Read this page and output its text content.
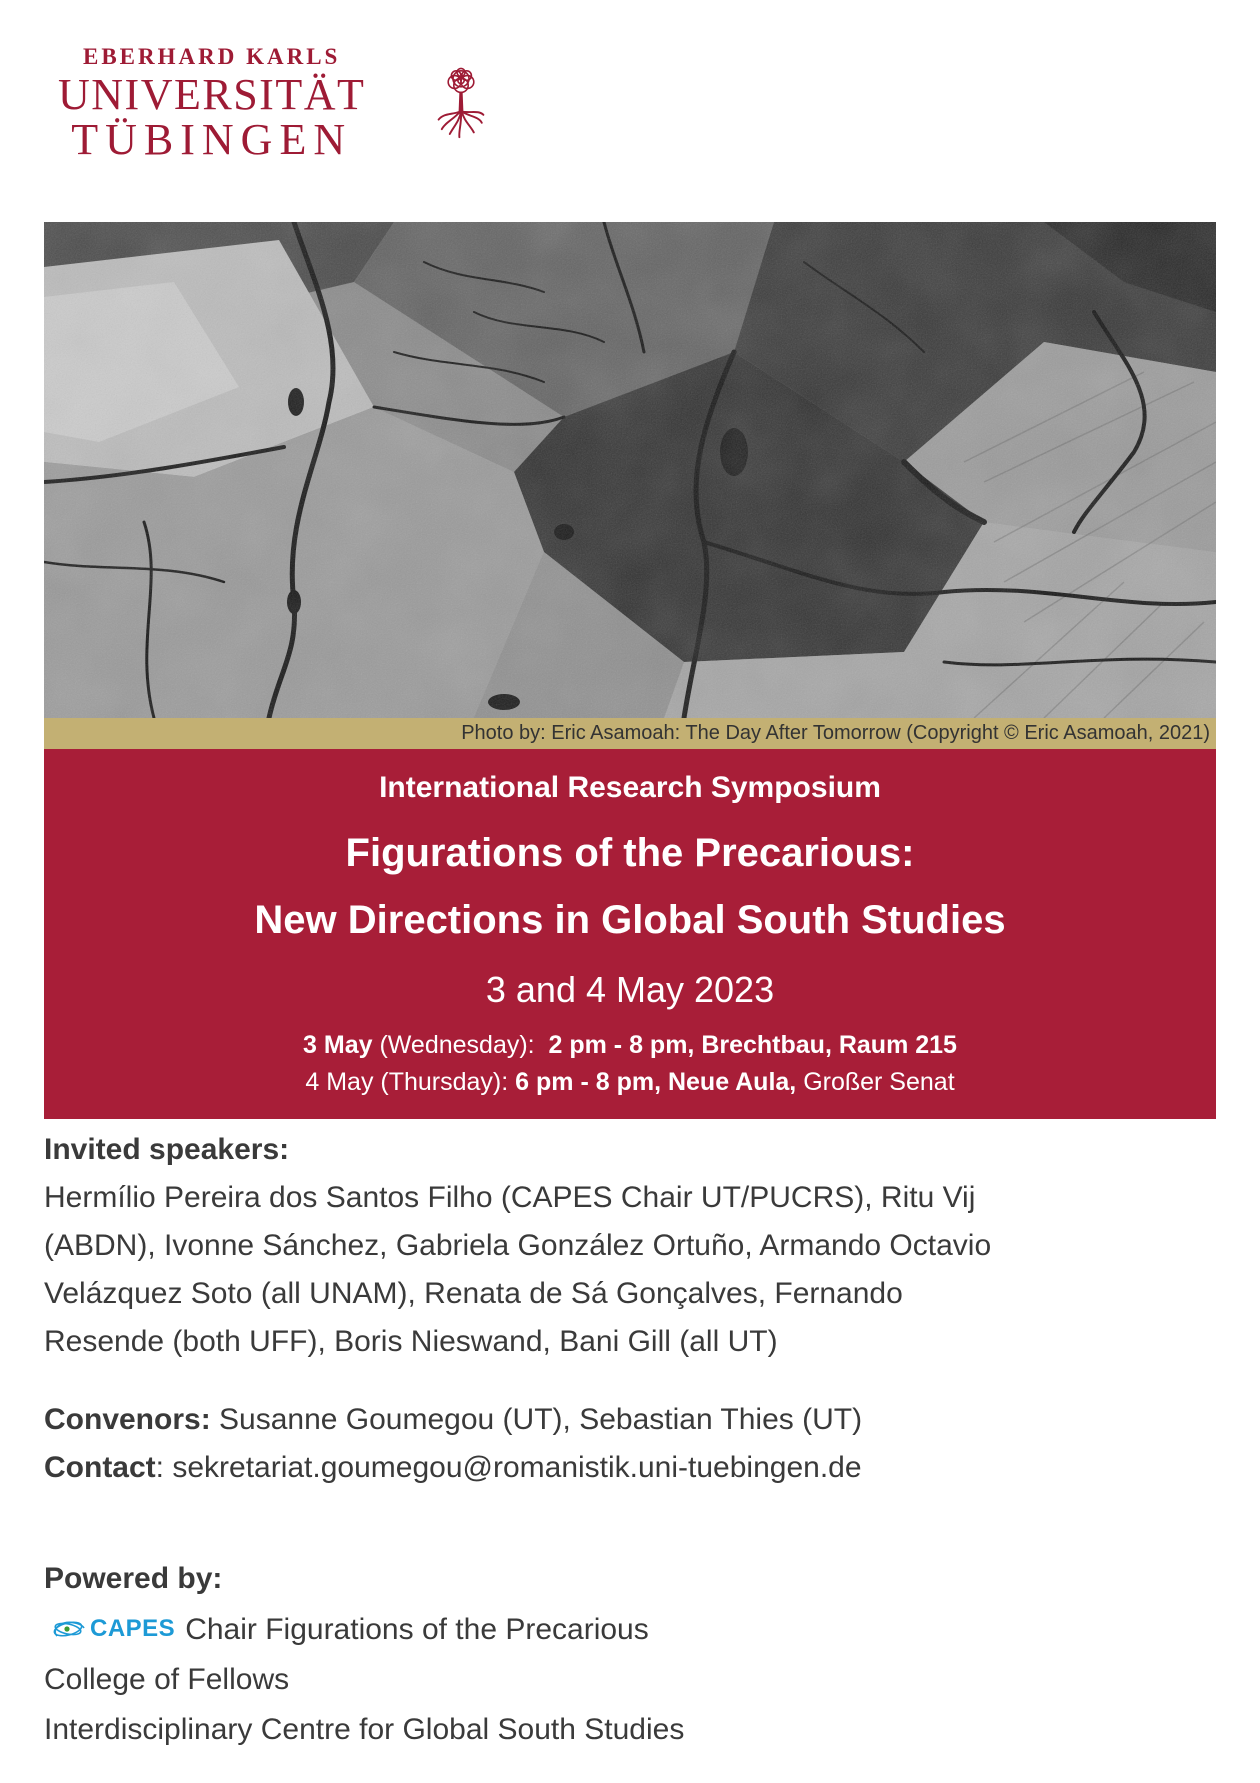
EBERHARD KARLS
UNIVERSITÄT
TÜBINGEN
Photo by: Eric Asamoah: The Day After Tomorrow (Copyright © Eric Asamoah, 2021)
International Research Symposium
Figurations of the Precarious:
New Directions in Global South Studies
3 and 4 May 2023
3 May (Wednesday):  2 pm - 8 pm, Brechtbau, Raum 215
4 May (Thursday): 6 pm - 8 pm, Neue Aula, Großer Senat
Invited speakers:
Hermílio Pereira dos Santos Filho (CAPES Chair UT/PUCRS), Ritu Vij
(ABDN), Ivonne Sánchez, Gabriela González Ortuño, Armando Octavio
Velázquez Soto (all UNAM), Renata de Sá Gonçalves, Fernando
Resende (both UFF), Boris Nieswand, Bani Gill (all UT)
Convenors: Susanne Goumegou (UT), Sebastian Thies (UT)
Contact: sekretariat.goumegou@romanistik.uni-tuebingen.de
Powered by:
CAPES Chair Figurations of the Precarious
College of Fellows
Interdisciplinary Centre for Global South Studies
